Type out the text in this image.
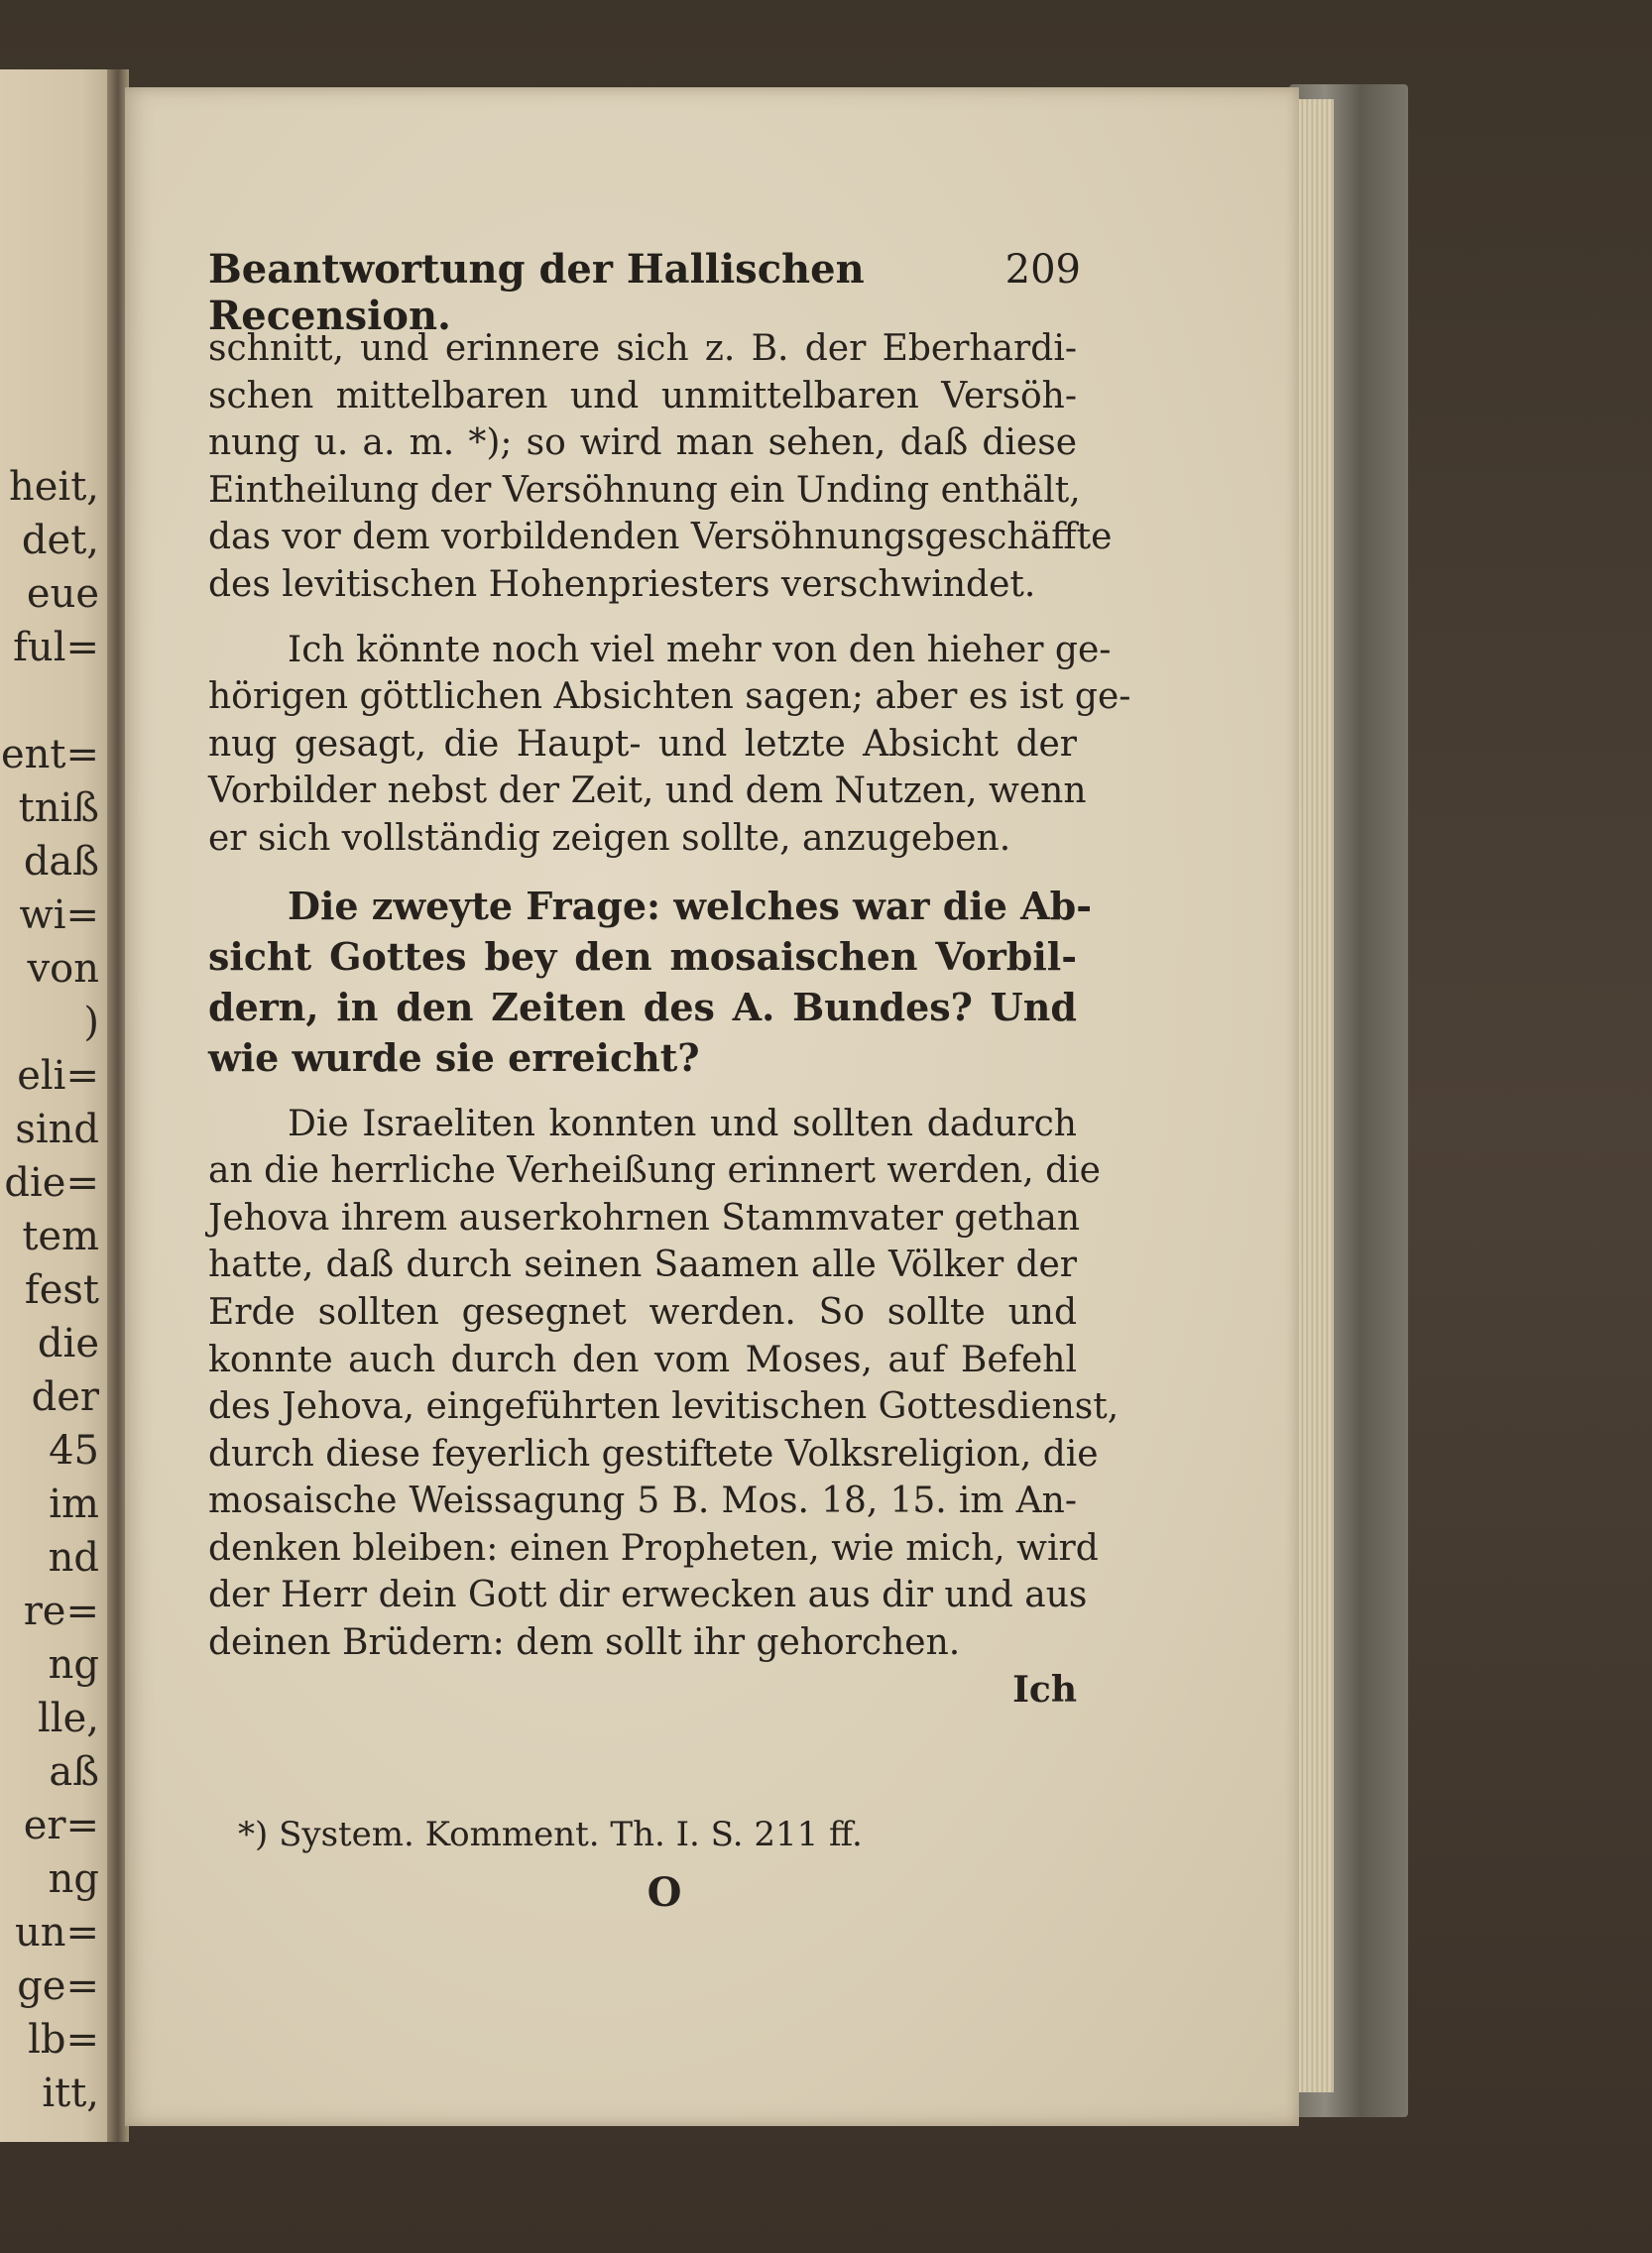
heit,
det,
eue
ful=
ent=
tniß
daß
wi=
von
)
eli=
sind
die=
tem
fest
die
der
45
im
nd
re=
ng
lle,
aß
er=
ng
un=
ge=
lb=
itt,
Beantwortung der Hallischen Recension.
209
schnitt, und erinnere sich z. B. der Eberhardi-
schen mittelbaren und unmittelbaren Versöh-
nung u. a. m. *); so wird man sehen, daß diese
Eintheilung der Versöhnung ein Unding enthält,
das vor dem vorbildenden Versöhnungsgeschäffte
des levitischen Hohenpriesters verschwindet.
Ich könnte noch viel mehr von den hieher ge-
hörigen göttlichen Absichten sagen; aber es ist ge-
nug gesagt, die Haupt- und letzte Absicht der
Vorbilder nebst der Zeit, und dem Nutzen, wenn
er sich vollständig zeigen sollte, anzugeben.
Die zweyte Frage: welches war die Ab-
sicht Gottes bey den mosaischen Vorbil-
dern, in den Zeiten des A. Bundes? Und
wie wurde sie erreicht?
Die Israeliten konnten und sollten dadurch
an die herrliche Verheißung erinnert werden, die
Jehova ihrem auserkohrnen Stammvater gethan
hatte, daß durch seinen Saamen alle Völker der
Erde sollten gesegnet werden. So sollte und
konnte auch durch den vom Moses, auf Befehl
des Jehova, eingeführten levitischen Gottesdienst,
durch diese feyerlich gestiftete Volksreligion, die
mosaische Weissagung 5 B. Mos. 18, 15. im An-
denken bleiben: einen Propheten, wie mich, wird
der Herr dein Gott dir erwecken aus dir und aus
deinen Brüdern: dem sollt ihr gehorchen.
Ich
*) System. Komment. Th. I. S. 211 ff.
O
